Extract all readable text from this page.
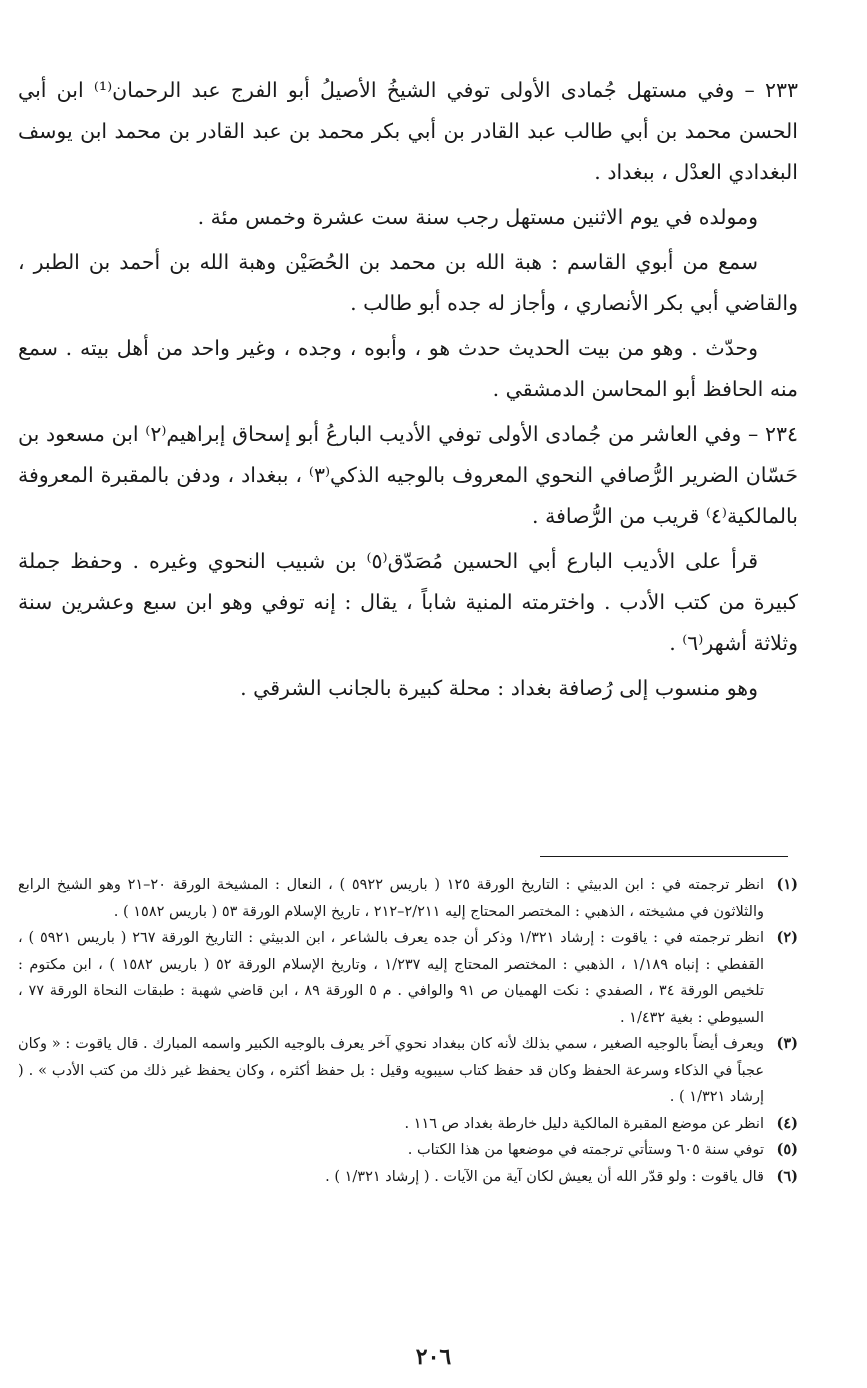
٢٣٣ – وفي مستهل جُمادى الأولى توفي الشيخُ الأصيلُ أبو الفرج عبد الرحمان⁽¹⁾ ابن أبي الحسن محمد بن أبي طالب عبد القادر بن أبي بكر محمد بن عبد القادر بن محمد ابن يوسف البغدادي العدْل ، ببغداد .

ومولده في يوم الاثنين مستهل رجب سنة ست عشرة وخمس مئة .

سمع من أبوي القاسم : هبة الله بن محمد بن الحُصَيْن وهبة الله بن أحمد بن الطبر ، والقاضي أبي بكر الأنصاري ، وأجاز له جده أبو طالب .

وحدّث . وهو من بيت الحديث حدث هو ، وأبوه ، وجده ، وغير واحد من أهل بيته . سمع منه الحافظ أبو المحاسن الدمشقي .

٢٣٤ – وفي العاشر من جُمادى الأولى توفي الأديب البارعُ أبو إسحاق إبراهيم⁽٢⁾ ابن مسعود بن حَسّان الضرير الرُّصافي النحوي المعروف بالوجيه الذكي⁽٣⁾ ، ببغداد ، ودفن بالمقبرة المعروفة بالمالكية⁽٤⁾ قريب من الرُّصافة .

قرأ على الأديب البارع أبي الحسين مُصَدّق⁽٥⁾ بن شبيب النحوي وغيره . وحفظ جملة كبيرة من كتب الأدب . واخترمته المنية شاباً ، يقال : إنه توفي وهو ابن سبع وعشرين سنة وثلاثة أشهر⁽٦⁾ .

وهو منسوب إلى رُصافة بغداد : محلة كبيرة بالجانب الشرقي .

(١)
انظر ترجمته في : ابن الدبيثي : التاريخ الورقة ١٢٥ ( باريس ٥٩٢٢ ) ، النعال : المشيخة الورقة ٢٠–٢١ وهو الشيخ الرابع والثلاثون في مشيخته ، الذهبي : المختصر المحتاج إليه ٢/٢١١–٢١٢ ، تاريخ الإسلام الورقة ٥٣ ( باريس ١٥٨٢ ) .
(٢)
انظر ترجمته في : ياقوت : إرشاد ١/٣٢١ وذكر أن جده يعرف بالشاعر ، ابن الدبيثي : التاريخ الورقة ٢٦٧ ( باريس ٥٩٢١ ) ، القفطي : إنباه ١/١٨٩ ، الذهبي : المختصر المحتاج إليه ١/٢٣٧ ، وتاريخ الإسلام الورقة ٥٢ ( باريس ١٥٨٢ ) ، ابن مكتوم : تلخيص الورقة ٣٤ ، الصفدي : نكت الهميان ص ٩١ والوافي . م ٥ الورقة ٨٩ ، ابن قاضي شهبة : طبقات النحاة الورقة ٧٧ ، السيوطي : بغية ١/٤٣٢ .
(٣)
ويعرف أيضاً بالوجيه الصغير ، سمي بذلك لأنه كان ببغداد نحوي آخر يعرف بالوجيه الكبير واسمه المبارك . قال ياقوت : « وكان عجباً في الذكاء وسرعة الحفظ وكان قد حفظ كتاب سيبويه وقيل : بل حفظ أكثره ، وكان يحفظ غير ذلك من كتب الأدب » . ( إرشاد ١/٣٢١ ) .
(٤)
انظر عن موضع المقبرة المالكية دليل خارطة بغداد ص ١١٦ .
(٥)
توفي سنة ٦٠٥ وستأتي ترجمته في موضعها من هذا الكتاب .
(٦)
قال ياقوت : ولو قدّر الله أن يعيش لكان آية من الآيات . ( إرشاد ١/٣٢١ ) .
٢٠٦
